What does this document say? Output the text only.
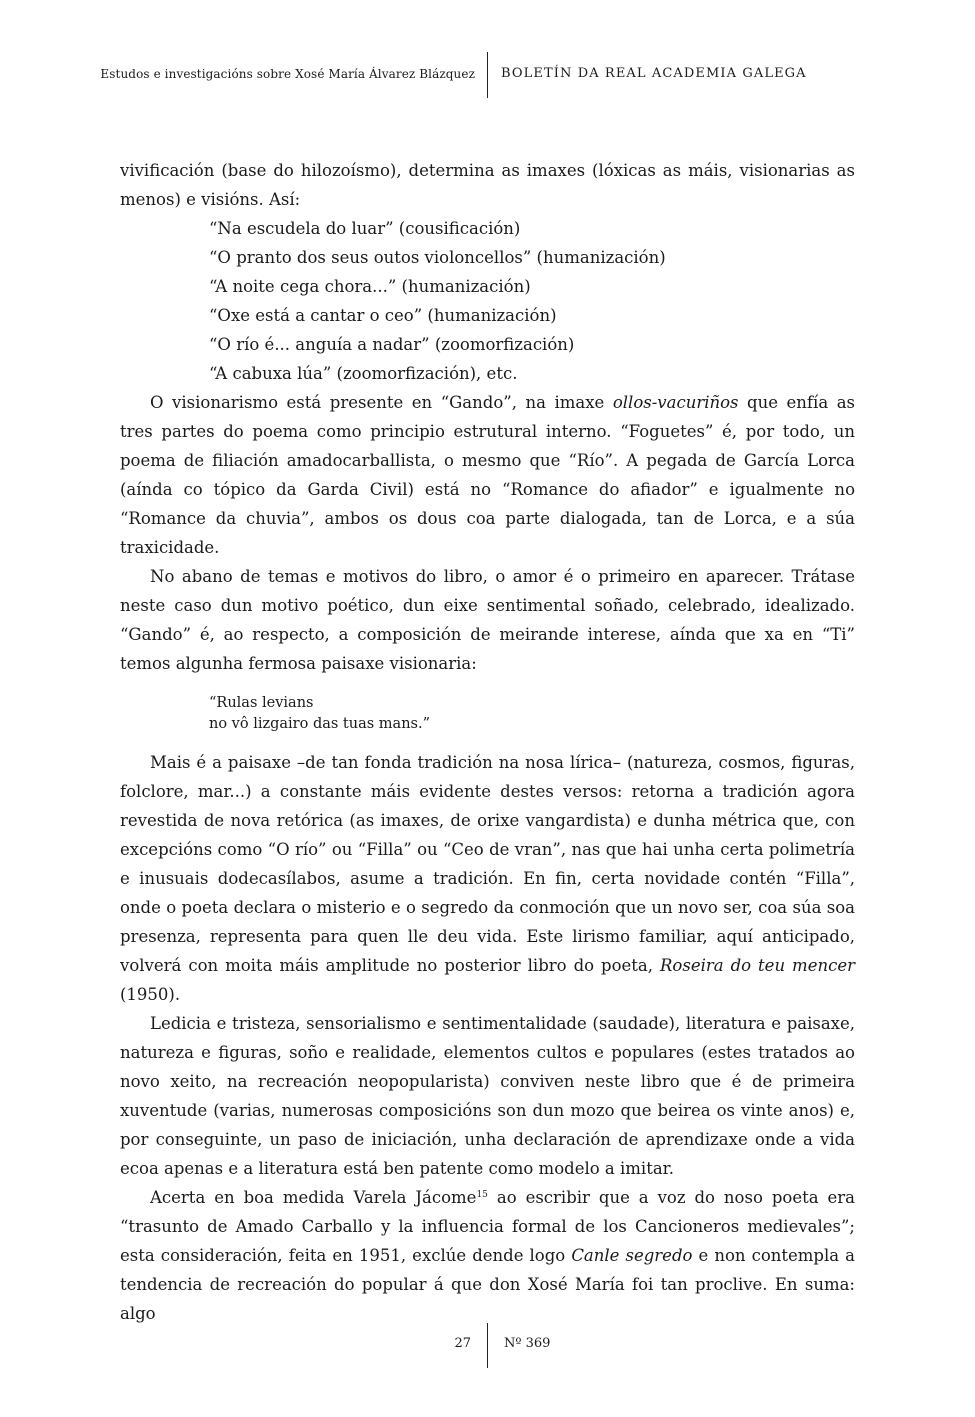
Estudos e investigacións sobre Xosé María Álvarez Blázquez BOLETÍN DA REAL ACADEMIA GALEGA

vivificación (base do hilozoísmo), determina as imaxes (lóxicas as máis, visionarias as menos) e visións. Así:

“Na escudela do luar” (cousificación)
“O pranto dos seus outos violoncellos” (humanización)
“A noite cega chora...” (humanización)
“Oxe está a cantar o ceo” (humanización)
“O río é... anguía a nadar” (zoomorfización)
“A cabuxa lúa” (zoomorfización), etc.

O visionarismo está presente en “Gando”, na imaxe ollos-vacuriños que enfía as tres partes do poema como principio estrutural interno. “Foguetes” é, por todo, un poema de filiación amadocarballista, o mesmo que “Río”. A pegada de García Lorca (aínda co tópico da Garda Civil) está no “Romance do afiador” e igualmente no “Romance da chuvia”, ambos os dous coa parte dialogada, tan de Lorca, e a súa traxicidade.

No abano de temas e motivos do libro, o amor é o primeiro en aparecer. Trátase neste caso dun motivo poético, dun eixe sentimental soñado, celebrado, idealizado. “Gando” é, ao respecto, a composición de meirande interese, aínda que xa en “Ti” temos algunha fermosa paisaxe visionaria:

“Rulas levians
no vô lizgairo das tuas mans.”

Mais é a paisaxe –de tan fonda tradición na nosa lírica– (natureza, cosmos, figuras, folclore, mar...) a constante máis evidente destes versos: retorna a tradición agora revestida de nova retórica (as imaxes, de orixe vangardista) e dunha métrica que, con excepcións como “O río” ou “Filla” ou “Ceo de vran”, nas que hai unha certa polimetría e inusuais dodecasílabos, asume a tradición. En fin, certa novidade contén “Filla”, onde o poeta declara o misterio e o segredo da conmoción que un novo ser, coa súa soa presenza, representa para quen lle deu vida. Este lirismo familiar, aquí anticipado, volverá con moita máis amplitude no posterior libro do poeta, Roseira do teu mencer (1950).

Ledicia e tristeza, sensorialismo e sentimentalidade (saudade), literatura e paisaxe, natureza e figuras, soño e realidade, elementos cultos e populares (estes tratados ao novo xeito, na recreación neopopularista) conviven neste libro que é de primeira xuventude (varias, numerosas composicións son dun mozo que beirea os vinte anos) e, por conseguinte, un paso de iniciación, unha declaración de aprendizaxe onde a vida ecoa apenas e a literatura está ben patente como modelo a imitar.

Acerta en boa medida Varela Jácome$^{15}$ ao escribir que a voz do noso poeta era “trasunto de Amado Carballo y la influencia formal de los Cancioneros medievales”; esta consideración, feita en 1951, exclúe dende logo Canle segredo e non contempla a tendencia de recreación do popular á que don Xosé María foi tan proclive. En suma: algo

27	Nº 369
